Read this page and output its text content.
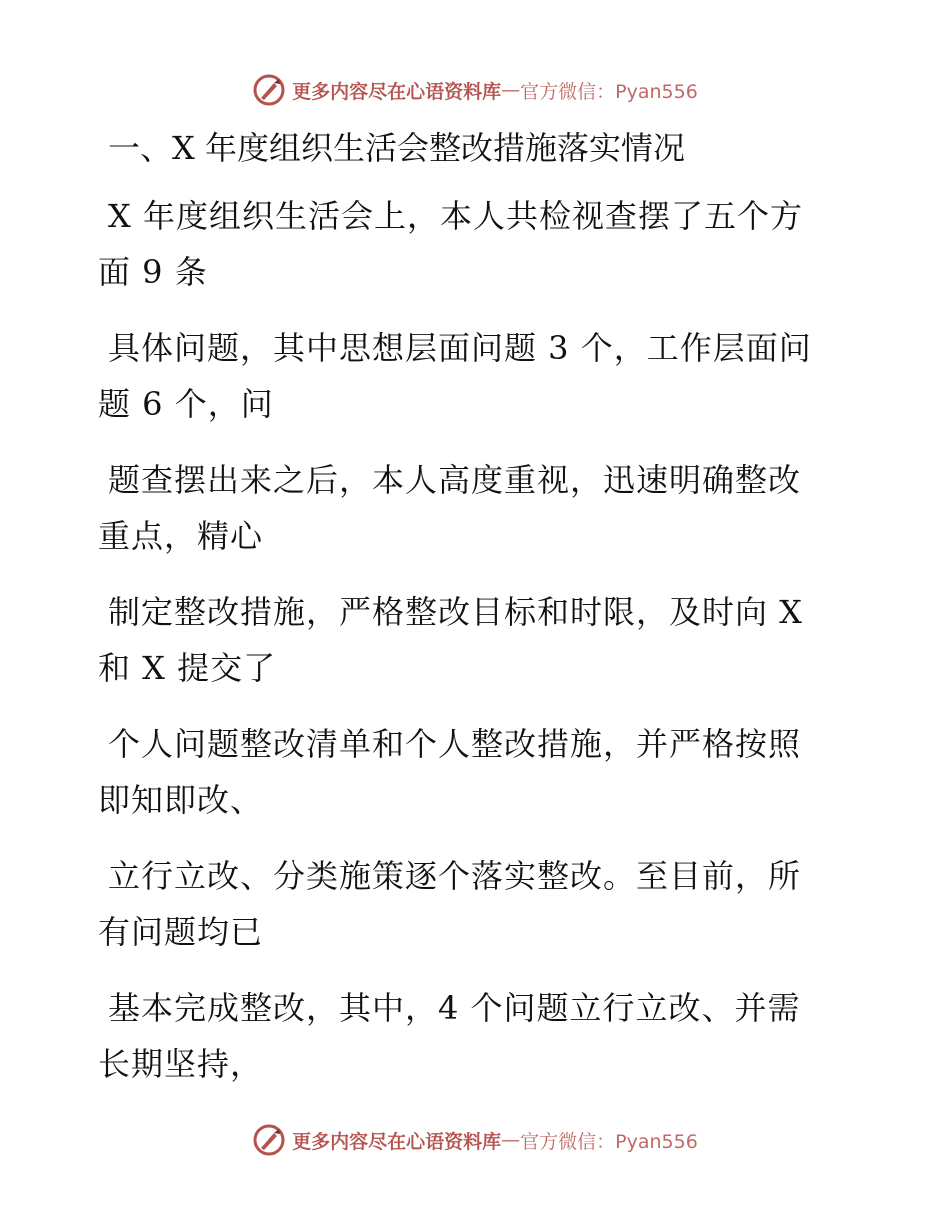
更多内容尽在心语资料库 — 官方微信：Pyan556
一、X 年度组织生活会整改措施落实情况

X 年度组织生活会上，本人共检视查摆了五个方
面 9 条

具体问题，其中思想层面问题 3 个，工作层面问
题 6 个，问

题查摆出来之后，本人高度重视，迅速明确整改
重点，精心

制定整改措施，严格整改目标和时限，及时向 X
和 X 提交了

个人问题整改清单和个人整改措施，并严格按照
即知即改、

立行立改、分类施策逐个落实整改。至目前，所
有问题均已

基本完成整改，其中，4 个问题立行立改、并需
长期坚持，

更多内容尽在心语资料库 — 官方微信：Pyan556
